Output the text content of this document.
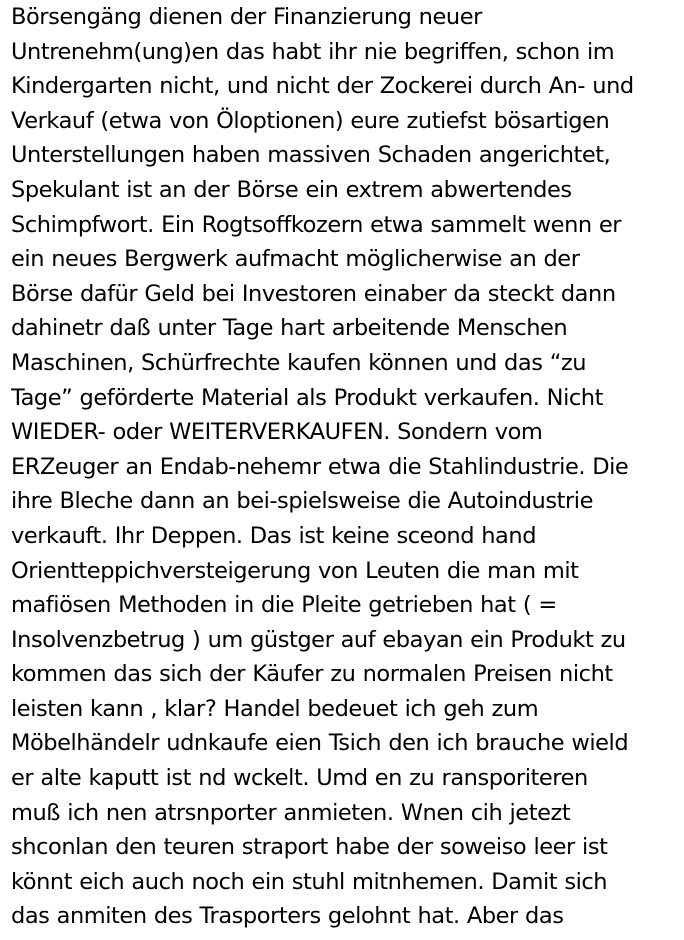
Börsengäng dienen der Finanzierung neuer
Untrenehm(ung)en das habt ihr nie begriffen, schon im
Kindergarten nicht, und nicht der Zockerei durch An- und
Verkauf (etwa von Öloptionen) eure zutiefst bösartigen
Unterstellungen haben massiven Schaden angerichtet,
Spekulant ist an der Börse ein extrem abwertendes
Schimpfwort. Ein Rogtsoffkozern etwa sammelt wenn er
ein neues Bergwerk aufmacht möglicherwise an der
Börse dafür Geld bei Investoren einaber da steckt dann
dahinetr daß unter Tage hart arbeitende Menschen
Maschinen, Schürfrechte kaufen können und das “zu
Tage” geförderte Material als Produkt verkaufen. Nicht
WIEDER- oder WEITERVERKAUFEN. Sondern vom
ERZeuger an Endab-nehemr etwa die Stahlindustrie. Die
ihre Bleche dann an bei-spielsweise die Autoindustrie
verkauft. Ihr Deppen. Das ist keine sceond hand
Orientteppichversteigerung von Leuten die man mit
mafiösen Methoden in die Pleite getrieben hat ( =
Insolvenzbetrug ) um güstger auf ebayan ein Produkt zu
kommen das sich der Käufer zu normalen Preisen nicht
leisten kann , klar? Handel bedeuet ich geh zum
Möbelhändelr udnkaufe eien Tsich den ich brauche wield
er alte kaputt ist nd wckelt. Umd en zu ransporiteren
muß ich nen atrsnporter anmieten. Wnen cih jetezt
shconlan den teuren straport habe der soweiso leer ist
könnt eich auch noch ein stuhl mitnhemen. Damit sich
das anmiten des Trasporters gelohnt hat. Aber das
